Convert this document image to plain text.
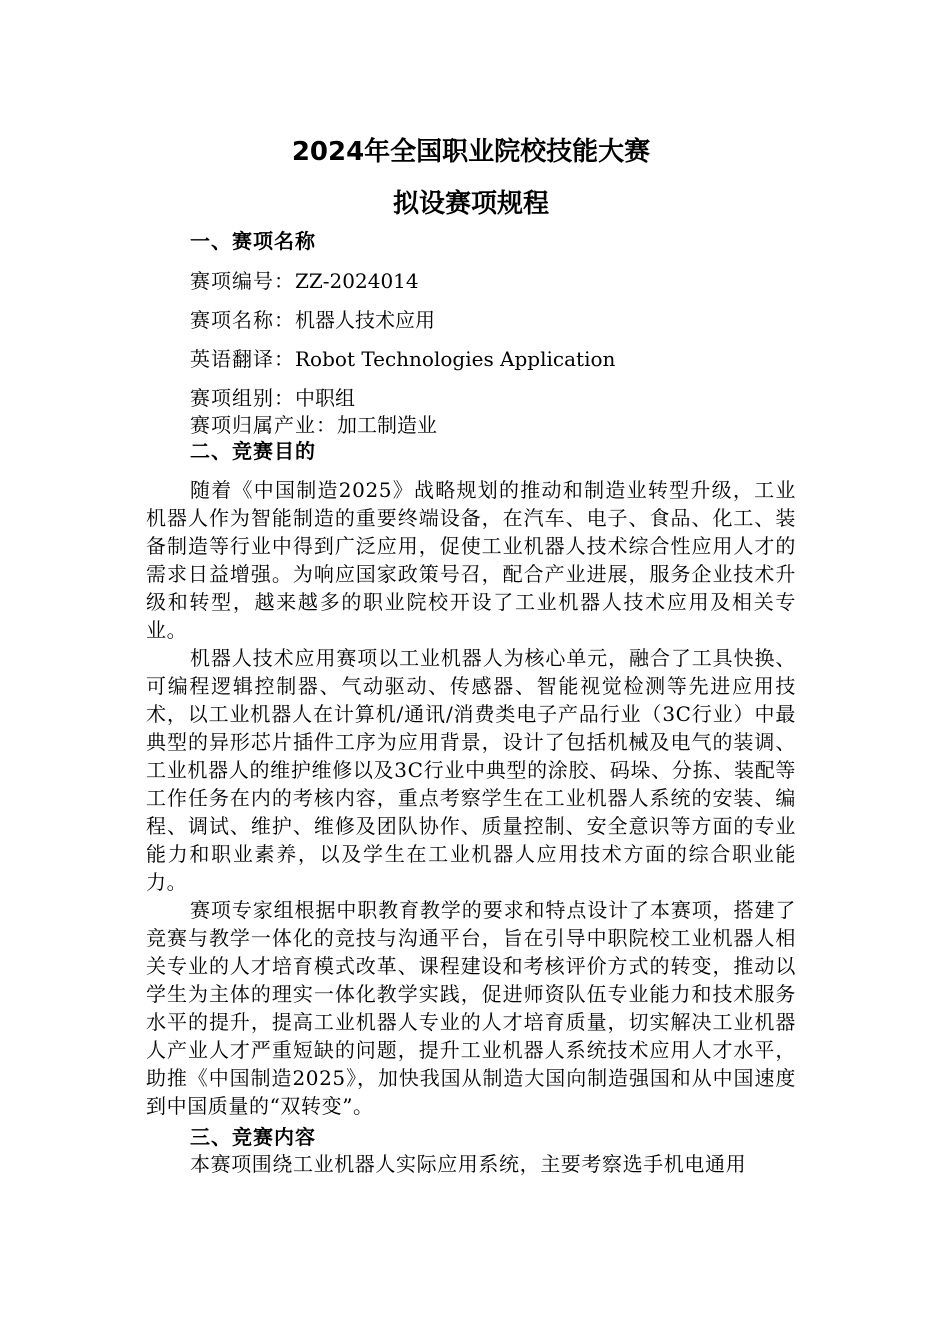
2024年全国职业院校技能大赛
拟设赛项规程
一、赛项名称
赛项编号：ZZ-2024014
赛项名称：机器人技术应用
英语翻译：Robot Technologies Application
赛项组别：中职组
赛项归属产业：加工制造业
二、竞赛目的

随着《中国制造2025》战略规划的推动和制造业转型升级，工业机器人作为智能制造的重要终端设备，在汽车、电子、食品、化工、装备制造等行业中得到广泛应用，促使工业机器人技术综合性应用人才的需求日益增强。为响应国家政策号召，配合产业进展，服务企业技术升级和转型，越来越多的职业院校开设了工业机器人技术应用及相关专业。

机器人技术应用赛项以工业机器人为核心单元，融合了工具快换、可编程逻辑控制器、气动驱动、传感器、智能视觉检测等先进应用技术，以工业机器人在计算机/通讯/消费类电子产品行业（3C行业）中最典型的异形芯片插件工序为应用背景，设计了包括机械及电气的装调、工业机器人的维护维修以及3C行业中典型的涂胶、码垛、分拣、装配等工作任务在内的考核内容，重点考察学生在工业机器人系统的安装、编程、调试、维护、维修及团队协作、质量控制、安全意识等方面的专业能力和职业素养，以及学生在工业机器人应用技术方面的综合职业能力。

赛项专家组根据中职教育教学的要求和特点设计了本赛项，搭建了竞赛与教学一体化的竞技与沟通平台，旨在引导中职院校工业机器人相关专业的人才培育模式改革、课程建设和考核评价方式的转变，推动以学生为主体的理实一体化教学实践，促进师资队伍专业能力和技术服务水平的提升，提高工业机器人专业的人才培育质量，切实解决工业机器人产业人才严重短缺的问题，提升工业机器人系统技术应用人才水平，助推《中国制造2025》，加快我国从制造大国向制造强国和从中国速度到中国质量的“双转变”。

三、竞赛内容

本赛项围绕工业机器人实际应用系统，主要考察选手机电通用
